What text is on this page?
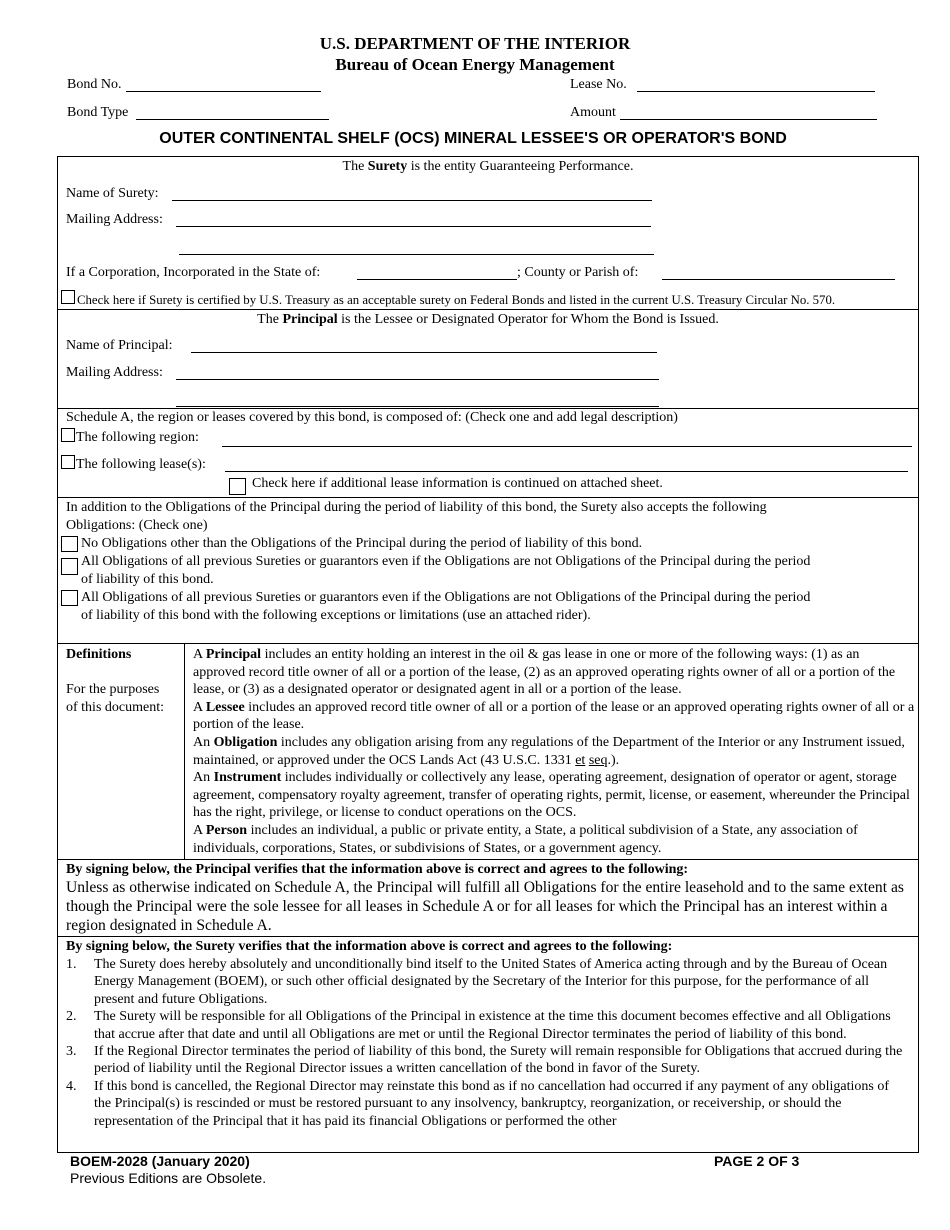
U.S. DEPARTMENT OF THE INTERIOR
Bureau of Ocean Energy Management
Bond No.	Lease No.
Bond Type	Amount
OUTER CONTINENTAL SHELF (OCS) MINERAL LESSEE'S OR OPERATOR'S BOND
The Surety is the entity Guaranteeing Performance.
Name of Surety:
Mailing Address:
If a Corporation, Incorporated in the State of:	; County or Parish of:
Check here if Surety is certified by U.S. Treasury as an acceptable surety on Federal Bonds and listed in the current U.S. Treasury Circular No. 570.
The Principal is the Lessee or Designated Operator for Whom the Bond is Issued.
Name of Principal:
Mailing Address:
Schedule A, the region or leases covered by this bond, is composed of: (Check one and add legal description)
The following region:
The following lease(s):
Check here if additional lease information is continued on attached sheet.
In addition to the Obligations of the Principal during the period of liability of this bond, the Surety also accepts the following
Obligations: (Check one)
No Obligations other than the Obligations of the Principal during the period of liability of this bond.
All Obligations of all previous Sureties or guarantors even if the Obligations are not Obligations of the Principal during the period
of liability of this bond.
All Obligations of all previous Sureties or guarantors even if the Obligations are not Obligations of the Principal during the period
of liability of this bond with the following exceptions or limitations (use an attached rider).
Definitions
For the purposes
of this document:
A Principal includes an entity holding an interest in the oil & gas lease in one or more of the following ways: (1) as an approved record title owner of all or a portion of the lease, (2) as an approved operating rights owner of all or a portion of the lease, or (3) as a designated operator or designated agent in all or a portion of the lease.
A Lessee includes an approved record title owner of all or a portion of the lease or an approved operating rights owner of all or a portion of the lease.
An Obligation includes any obligation arising from any regulations of the Department of the Interior or any Instrument issued, maintained, or approved under the OCS Lands Act (43 U.S.C. 1331 et seq.).
An Instrument includes individually or collectively any lease, operating agreement, designation of operator or agent, storage agreement, compensatory royalty agreement, transfer of operating rights, permit, license, or easement, whereunder the Principal has the right, privilege, or license to conduct operations on the OCS.
A Person includes an individual, a public or private entity, a State, a political subdivision of a State, any association of individuals, corporations, States, or subdivisions of States, or a government agency.
By signing below, the Principal verifies that the information above is correct and agrees to the following:
Unless as otherwise indicated on Schedule A, the Principal will fulfill all Obligations for the entire leasehold and to the same extent as though the Principal were the sole lessee for all leases in Schedule A or for all leases for which the Principal has an interest within a region designated in Schedule A.
By signing below, the Surety verifies that the information above is correct and agrees to the following:
1. The Surety does hereby absolutely and unconditionally bind itself to the United States of America acting through and by the Bureau of Ocean Energy Management (BOEM), or such other official designated by the Secretary of the Interior for this purpose, for the performance of all present and future Obligations.
2. The Surety will be responsible for all Obligations of the Principal in existence at the time this document becomes effective and all Obligations that accrue after that date and until all Obligations are met or until the Regional Director terminates the period of liability of this bond.
3. If the Regional Director terminates the period of liability of this bond, the Surety will remain responsible for Obligations that accrued during the period of liability until the Regional Director issues a written cancellation of the bond in favor of the Surety.
4. If this bond is cancelled, the Regional Director may reinstate this bond as if no cancellation had occurred if any payment of any obligations of the Principal(s) is rescinded or must be restored pursuant to any insolvency, bankruptcy, reorganization, or receivership, or should the representation of the Principal that it has paid its financial Obligations or performed the other
BOEM-2028 (January 2020)	PAGE 2 OF 3
Previous Editions are Obsolete.
